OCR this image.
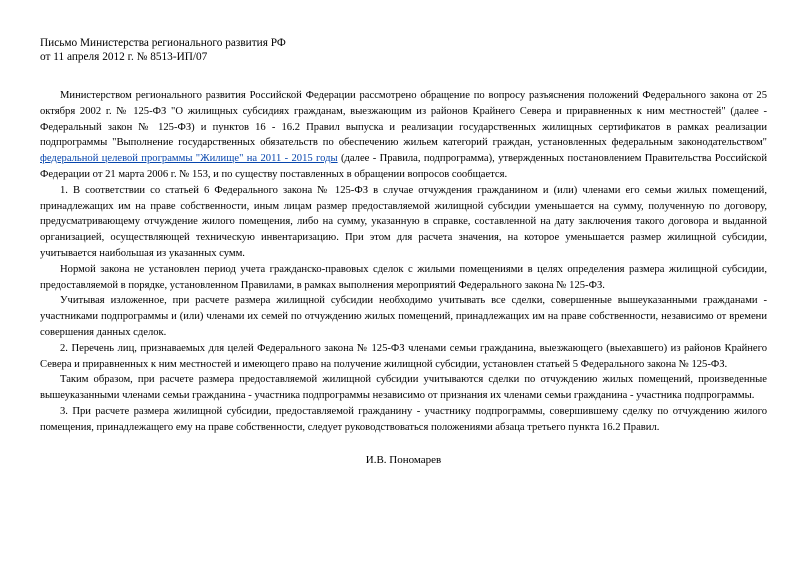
Письмо Министерства регионального развития РФ

от 11 апреля 2012 г. № 8513-ИП/07

Министерством регионального развития Российской Федерации рассмотрено обращение по вопросу разъяснения положений Федерального закона от 25 октября 2002 г. № 125-ФЗ "О жилищных субсидиях гражданам, выезжающим из районов Крайнего Севера и приравненных к ним местностей" (далее - Федеральный закон № 125-ФЗ) и пунктов 16 - 16.2 Правил выпуска и реализации государственных жилищных сертификатов в рамках реализации подпрограммы "Выполнение государственных обязательств по обеспечению жильем категорий граждан, установленных федеральным законодательством" федеральной целевой программы "Жилище" на 2011 - 2015 годы (далее - Правила, подпрограмма), утвержденных постановлением Правительства Российской Федерации от 21 марта 2006 г. № 153, и по существу поставленных в обращении вопросов сообщается.

1. В соответствии со статьей 6 Федерального закона № 125-ФЗ в случае отчуждения гражданином и (или) членами его семьи жилых помещений, принадлежащих им на праве собственности, иным лицам размер предоставляемой жилищной субсидии уменьшается на сумму, полученную по договору, предусматривающему отчуждение жилого помещения, либо на сумму, указанную в справке, составленной на дату заключения такого договора и выданной организацией, осуществляющей техническую инвентаризацию. При этом для расчета значения, на которое уменьшается размер жилищной субсидии, учитывается наибольшая из указанных сумм.

Нормой закона не установлен период учета гражданско-правовых сделок с жилыми помещениями в целях определения размера жилищной субсидии, предоставляемой в порядке, установленном Правилами, в рамках выполнения мероприятий Федерального закона № 125-ФЗ.

Учитывая изложенное, при расчете размера жилищной субсидии необходимо учитывать все сделки, совершенные вышеуказанными гражданами - участниками подпрограммы и (или) членами их семей по отчуждению жилых помещений, принадлежащих им на праве собственности, независимо от времени совершения данных сделок.

2. Перечень лиц, признаваемых для целей Федерального закона № 125-ФЗ членами семьи гражданина, выезжающего (выехавшего) из районов Крайнего Севера и приравненных к ним местностей и имеющего право на получение жилищной субсидии, установлен статьей 5 Федерального закона № 125-ФЗ.

Таким образом, при расчете размера предоставляемой жилищной субсидии учитываются сделки по отчуждению жилых помещений, произведенные вышеуказанными членами семьи гражданина - участника подпрограммы независимо от признания их членами семьи гражданина - участника подпрограммы.

3. При расчете размера жилищной субсидии, предоставляемой гражданину - участнику подпрограммы, совершившему сделку по отчуждению жилого помещения, принадлежащего ему на праве собственности, следует руководствоваться положениями абзаца третьего пункта 16.2 Правил.

И.В. Пономарев
